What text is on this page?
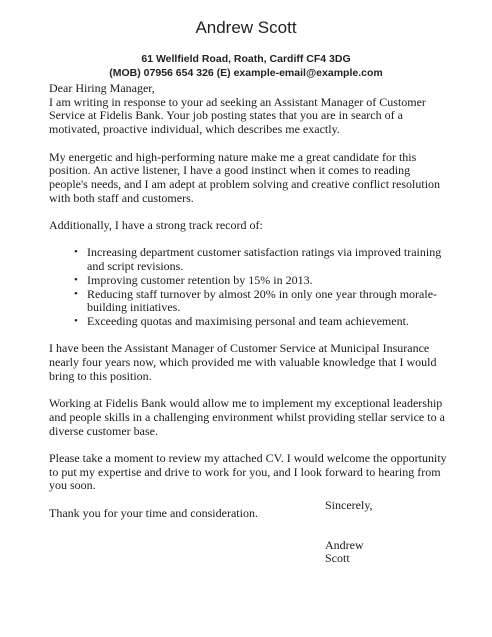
Andrew Scott
61 Wellfield Road, Roath, Cardiff CF4 3DG
(MOB) 07956 654 326 (E) example-email@example.com

Dear Hiring Manager,

I am writing in response to your ad seeking an Assistant Manager of Customer Service at Fidelis Bank. Your job posting states that you are in search of a motivated, proactive individual, which describes me exactly.

My energetic and high-performing nature make me a great candidate for this position. An active listener, I have a good instinct when it comes to reading people's needs, and I am adept at problem solving and creative conflict resolution with both staff and customers.

Additionally, I have a strong track record of:

• Increasing department customer satisfaction ratings via improved training and script revisions.
• Improving customer retention by 15% in 2013.
• Reducing staff turnover by almost 20% in only one year through morale-building initiatives.
• Exceeding quotas and maximising personal and team achievement.

I have been the Assistant Manager of Customer Service at Municipal Insurance nearly four years now, which provided me with valuable knowledge that I would bring to this position.

Working at Fidelis Bank would allow me to implement my exceptional leadership and people skills in a challenging environment whilst providing stellar service to a diverse customer base.

Please take a moment to review my attached CV. I would welcome the opportunity to put my expertise and drive to work for you, and I look forward to hearing from you soon.

Thank you for your time and consideration.

Sincerely,
Andrew
Scott
